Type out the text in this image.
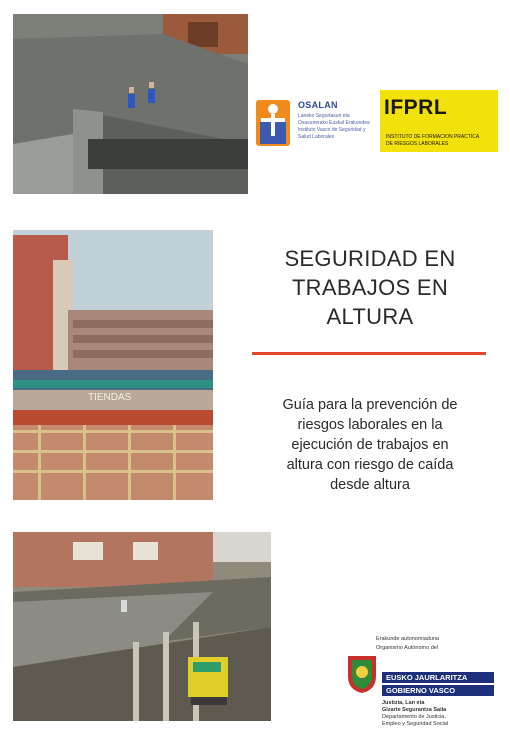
OSALAN
Laneko Segurtasun eta
Osasunerako Euskal Erakundea
Instituto Vasco de Seguridad y
Salud Laborales
IFPRL
INSTITUTO DE FORMACION PRACTICA
DE RIESGOS LABORALES
TIENDAS
SEGURIDAD EN
TRABAJOS EN
ALTURA
Guía para la prevención de
riesgos laborales en la
ejecución de trabajos en
altura con riesgo de caída
desde altura
Erakunde autonomiaduna
Organismo Autónomo del
EUSKO JAURLARITZA
GOBIERNO VASCO
Justizia, Lan eta
Gizarte Segurantza Saila
Departamento de Justicia,
Empleo y Seguridad Social
